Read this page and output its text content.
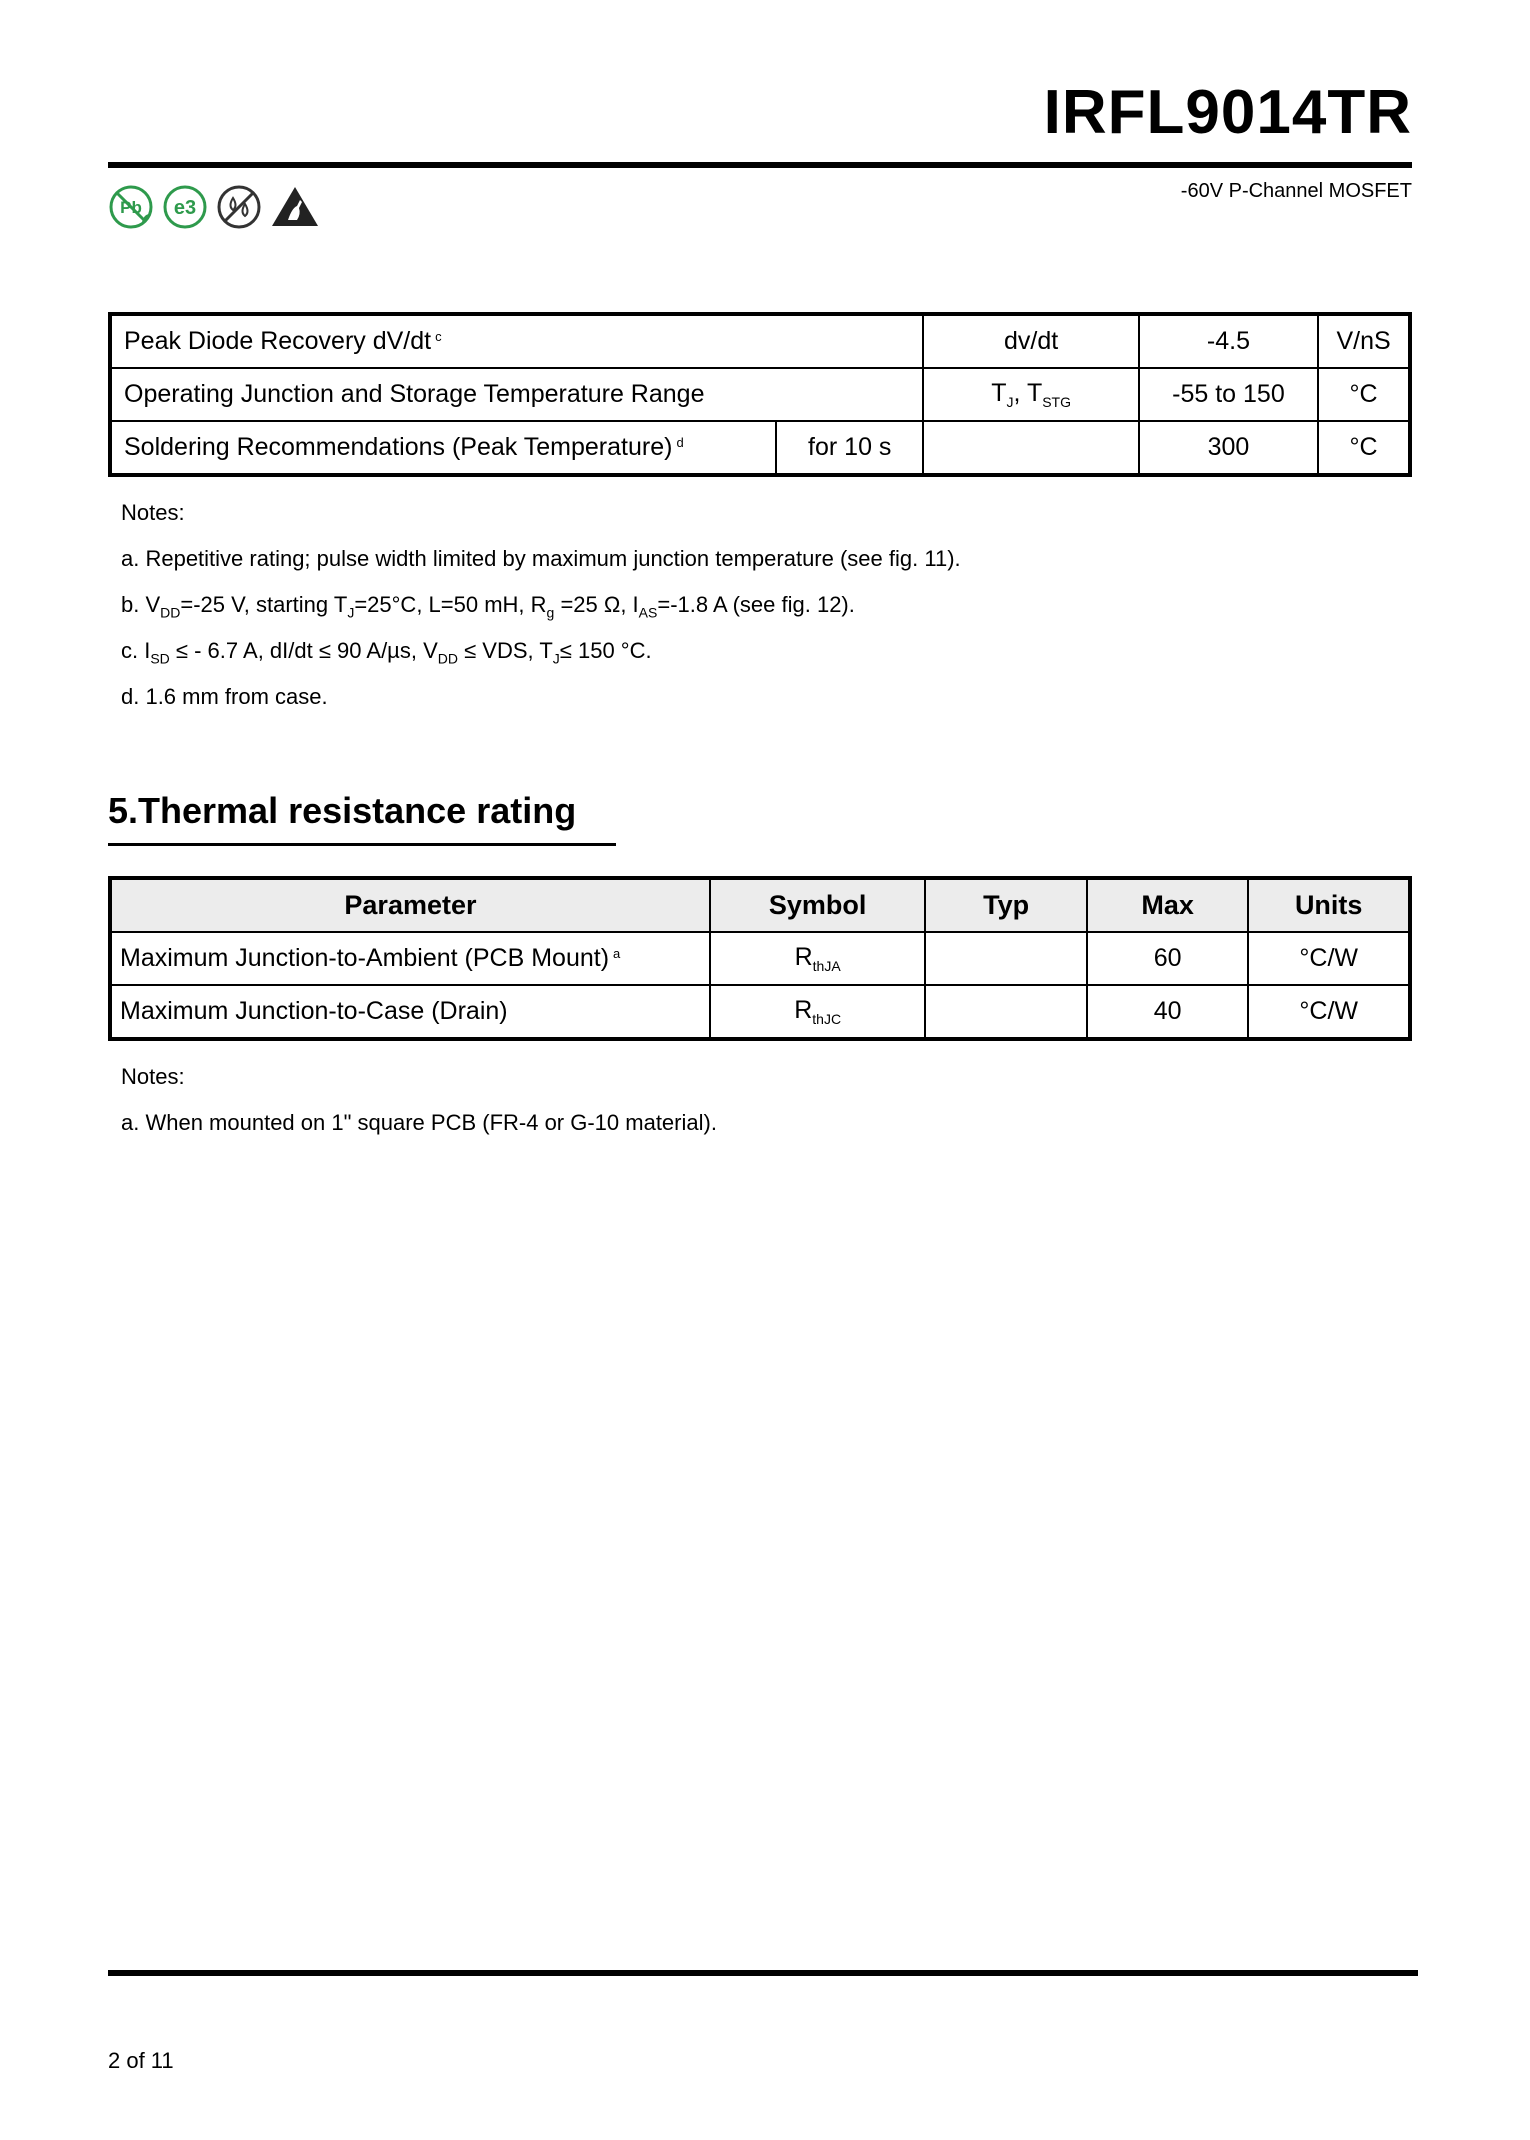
IRFL9014TR
-60V P-Channel MOSFET
Pb e3
Peak Diode Recovery dV/dt $^c$		dv/dt	-4.5	V/nS
Operating Junction and Storage Temperature Range		$T_J$, $T_{STG}$	-55 to 150	°C
Soldering Recommendations (Peak Temperature) $^d$	for 10 s		300	°C
Notes:
a. Repetitive rating; pulse width limited by maximum junction temperature (see fig. 11).
b. $V_{DD}=-25$ V, starting $T_J=25^\circ C$, L=50 mH, $R_g =25$ Ω, $I_{AS}=-1.8$ A (see fig. 12).
c. $I_{SD}$ ≤ - 6.7 A, dI/dt ≤ 90 A/µs, $V_{DD}$ ≤ VDS, $T_J\le 150$ °C.
d. 1.6 mm from case.
5.Thermal resistance rating
Parameter	Symbol	Typ	Max	Units
Maximum Junction-to-Ambient (PCB Mount) $^a$	$R_{thJA}$		60	°C/W
Maximum Junction-to-Case (Drain)	$R_{thJC}$		40	°C/W
Notes:
a. When mounted on 1" square PCB (FR-4 or G-10 material).
2 of 11
